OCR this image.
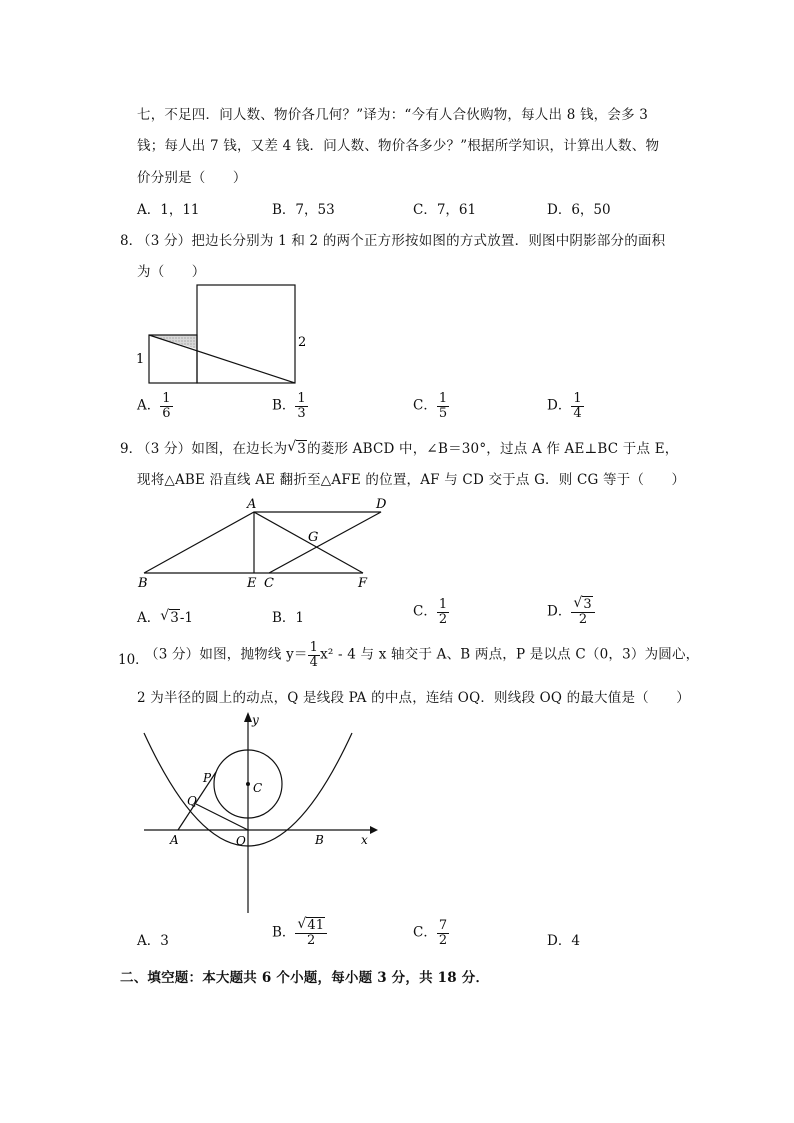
七，不足四．问人数、物价各几何？”译为：“今有人合伙购物，每人出 8 钱，会多 3
钱；每人出 7 钱，又差 4 钱．问人数、物价各多少？”根据所学知识，计算出人数、物
价分别是（　　）
A．1，11	B．7，53	C．7，61	D．6，50
8．
（3 分）把边长分别为 1 和 2 的两个正方形按如图的方式放置．则图中阴影部分的面积
为（　　）
1
2
A． $\frac{1}{6}$	B． $\frac{1}{3}$	C． $\frac{1}{5}$	D． $\frac{1}{4}$
9．
（3 分）如图，在边长为 √ 3的菱形 ABCD 中，∠B＝30°，过点 A 作 AE⊥BC 于点 E，
现将△ABE 沿直线 AE 翻折至△AFE 的位置，AF 与 CD 交于点 G．则 CG 等于（　　）
A	D
G
B	E C	F
A． √ 3-1	B．1	C． $\frac{1}{2}$	D． $\frac{√ 3}{2}$
10．
（3 分）如图，抛物线 $y= \frac{1}{4} x^2 - 4$ 与 x 轴交于 A、B 两点，P 是以点 C（0，3）为圆心，
2 为半径的圆上的动点，Q 是线段 PA 的中点，连结 OQ．则线段 OQ 的最大值是（　　）
y
x
P
Q
C
A	O	B
A．3
B． $\frac{√ 41}{2}$	C． $\frac{7}{2}$	D．4
二、填空题：本大题共 6 个小题，每小题 3 分，共 18 分．
